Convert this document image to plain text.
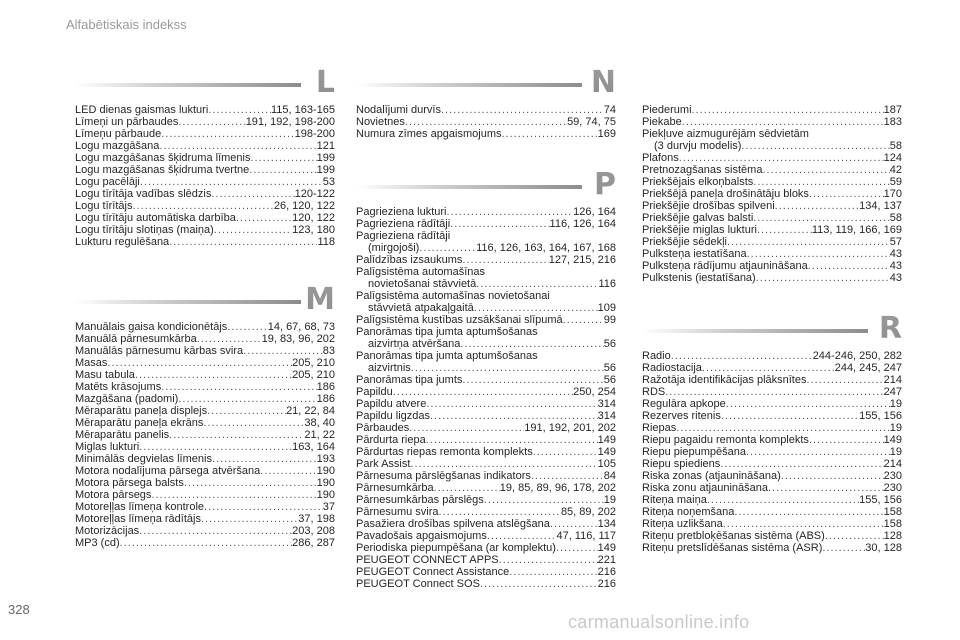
Alfabētiskais indekss
L
LED dienas gaismas lukturi .....	115, 163-165
Līmeņi un pārbaudes .....	191, 192, 198-200
Līmeņu pārbaude .....	198-200
Logu mazgāšana .....	121
Logu mazgāšanas šķidruma līmenis .....	199
Logu mazgāšanas šķidruma tvertne .....	199
Logu pacēlāji .....	53
Logu tīrītāja vadības slēdzis .....	120-122
Logu tīrītājs .....	26, 120, 122
Logu tīrītāju automātiska darbība .....	120, 122
Logu tīrītāju slotiņas (maiņa) .....	123, 180
Lukturu regulēšana .....	118
M
Manuālais gaisa kondicionētājs .....	14, 67, 68, 73
Manuālā pārnesumkārba .....	19, 83, 96, 202
Manuālās pārnesumu kārbas svira .....	83
Masas .....	205, 210
Masu tabula .....	205, 210
Matēts krāsojums .....	186
Mazgāšana (padomi) .....	186
Mēraparātu paneļa displejs .....	21, 22, 84
Mēraparātu paneļa ekrāns .....	38, 40
Mēraparātu panelis .....	21, 22
Miglas lukturi .....	163, 164
Minimālās degvielas līmenis .....	193
Motora nodalījuma pārsega atvēršana .....	190
Motora pārsega balsts .....	190
Motora pārsegs .....	190
Motoreļļas līmeņa kontrole .....	37
Motoreļļas līmeņa rādītājs .....	37, 198
Motorizācijas .....	203, 208
MP3 (cd) .....	286, 287
N
Nodalījumi durvīs .....	74
Novietnes .....	59, 74, 75
Numura zīmes apgaismojums .....	169
P
Pagrieziena lukturi .....	126, 164
Pagrieziena rādītāji .....	116, 126, 164
Pagrieziena rādītāji
(mirgojoši) .....	116, 126, 163, 164, 167, 168
Palīdzības izsaukums .....	127, 215, 216
Palīgsistēma automašīnas
novietošanai stāvvietā .....	116
Palīgsistēma automašīnas novietošanai
stāvvietā atpakaļgaitā .....	109
Palīgsistēma kustības uzsākšanai slīpumā .....	99
Panorāmas tipa jumta aptumšošanas
aizvirtņa atvēršana .....	56
Panorāmas tipa jumta aptumšošanas
aizvirtnis .....	56
Panorāmas tipa jumts .....	56
Papildu .....	250, 254
Papildu atvere .....	314
Papildu ligzdas .....	314
Pārbaudes .....	191, 192, 201, 202
Pārdurta riepa .....	149
Pārdurtas riepas remonta komplekts .....	149
Park Assist .....	105
Pārnesuma pārslēgšanas indikators .....	84
Pārnesumkārba .....	19, 85, 89, 96, 178, 202
Pārnesumkārbas pārslēgs .....	19
Pārnesumu svira .....	85, 89, 202
Pasažiera drošības spilvena atslēgšana .....	134
Pavadošais apgaismojums .....	47, 116, 117
Periodiska piepumpēšana (ar komplektu) .....	149
PEUGEOT CONNECT APPS .....	221
PEUGEOT Connect Assistance .....	216
PEUGEOT Connect SOS .....	216
Piederumi .....	187
Piekabe .....	183
Piekļuve aizmugurējām sēdvietām
(3 durvju modelis) .....	58
Plafons .....	124
Pretnozagšanas sistēma .....	42
Priekšējais elkoņbalsts .....	59
Priekšējā paneļa drošinātāju bloks .....	170
Priekšējie drošības spilveni .....	134, 137
Priekšējie galvas balsti .....	58
Priekšējie miglas lukturi .....	113, 119, 166, 169
Priekšējie sēdekļi .....	57
Pulksteņa iestatīšana .....	43
Pulksteņa rādījumu atjaunināšana .....	43
Pulkstenis (iestatīšana) .....	43
R
Radio .....	244-246, 250, 282
Radiostacija .....	244, 245, 247
Ražotāja identifikācijas plāksnītes .....	214
RDS .....	247
Regulāra apkope .....	19
Rezerves ritenis .....	155, 156
Riepas .....	19
Riepu pagaidu remonta komplekts .....	149
Riepu piepumpēšana .....	19
Riepu spiediens .....	214
Riska zonas (atjaunināšana) .....	230
Riska zonu atjaunināšana .....	230
Riteņa maiņa .....	155, 156
Riteņa noņemšana .....	158
Riteņa uzlikšana .....	158
Riteņu pretbloķēšanas sistēma (ABS) .....	128
Riteņu pretslīdēšanas sistēma (ASR) .....	30, 128
328
carmanualsonline.info
